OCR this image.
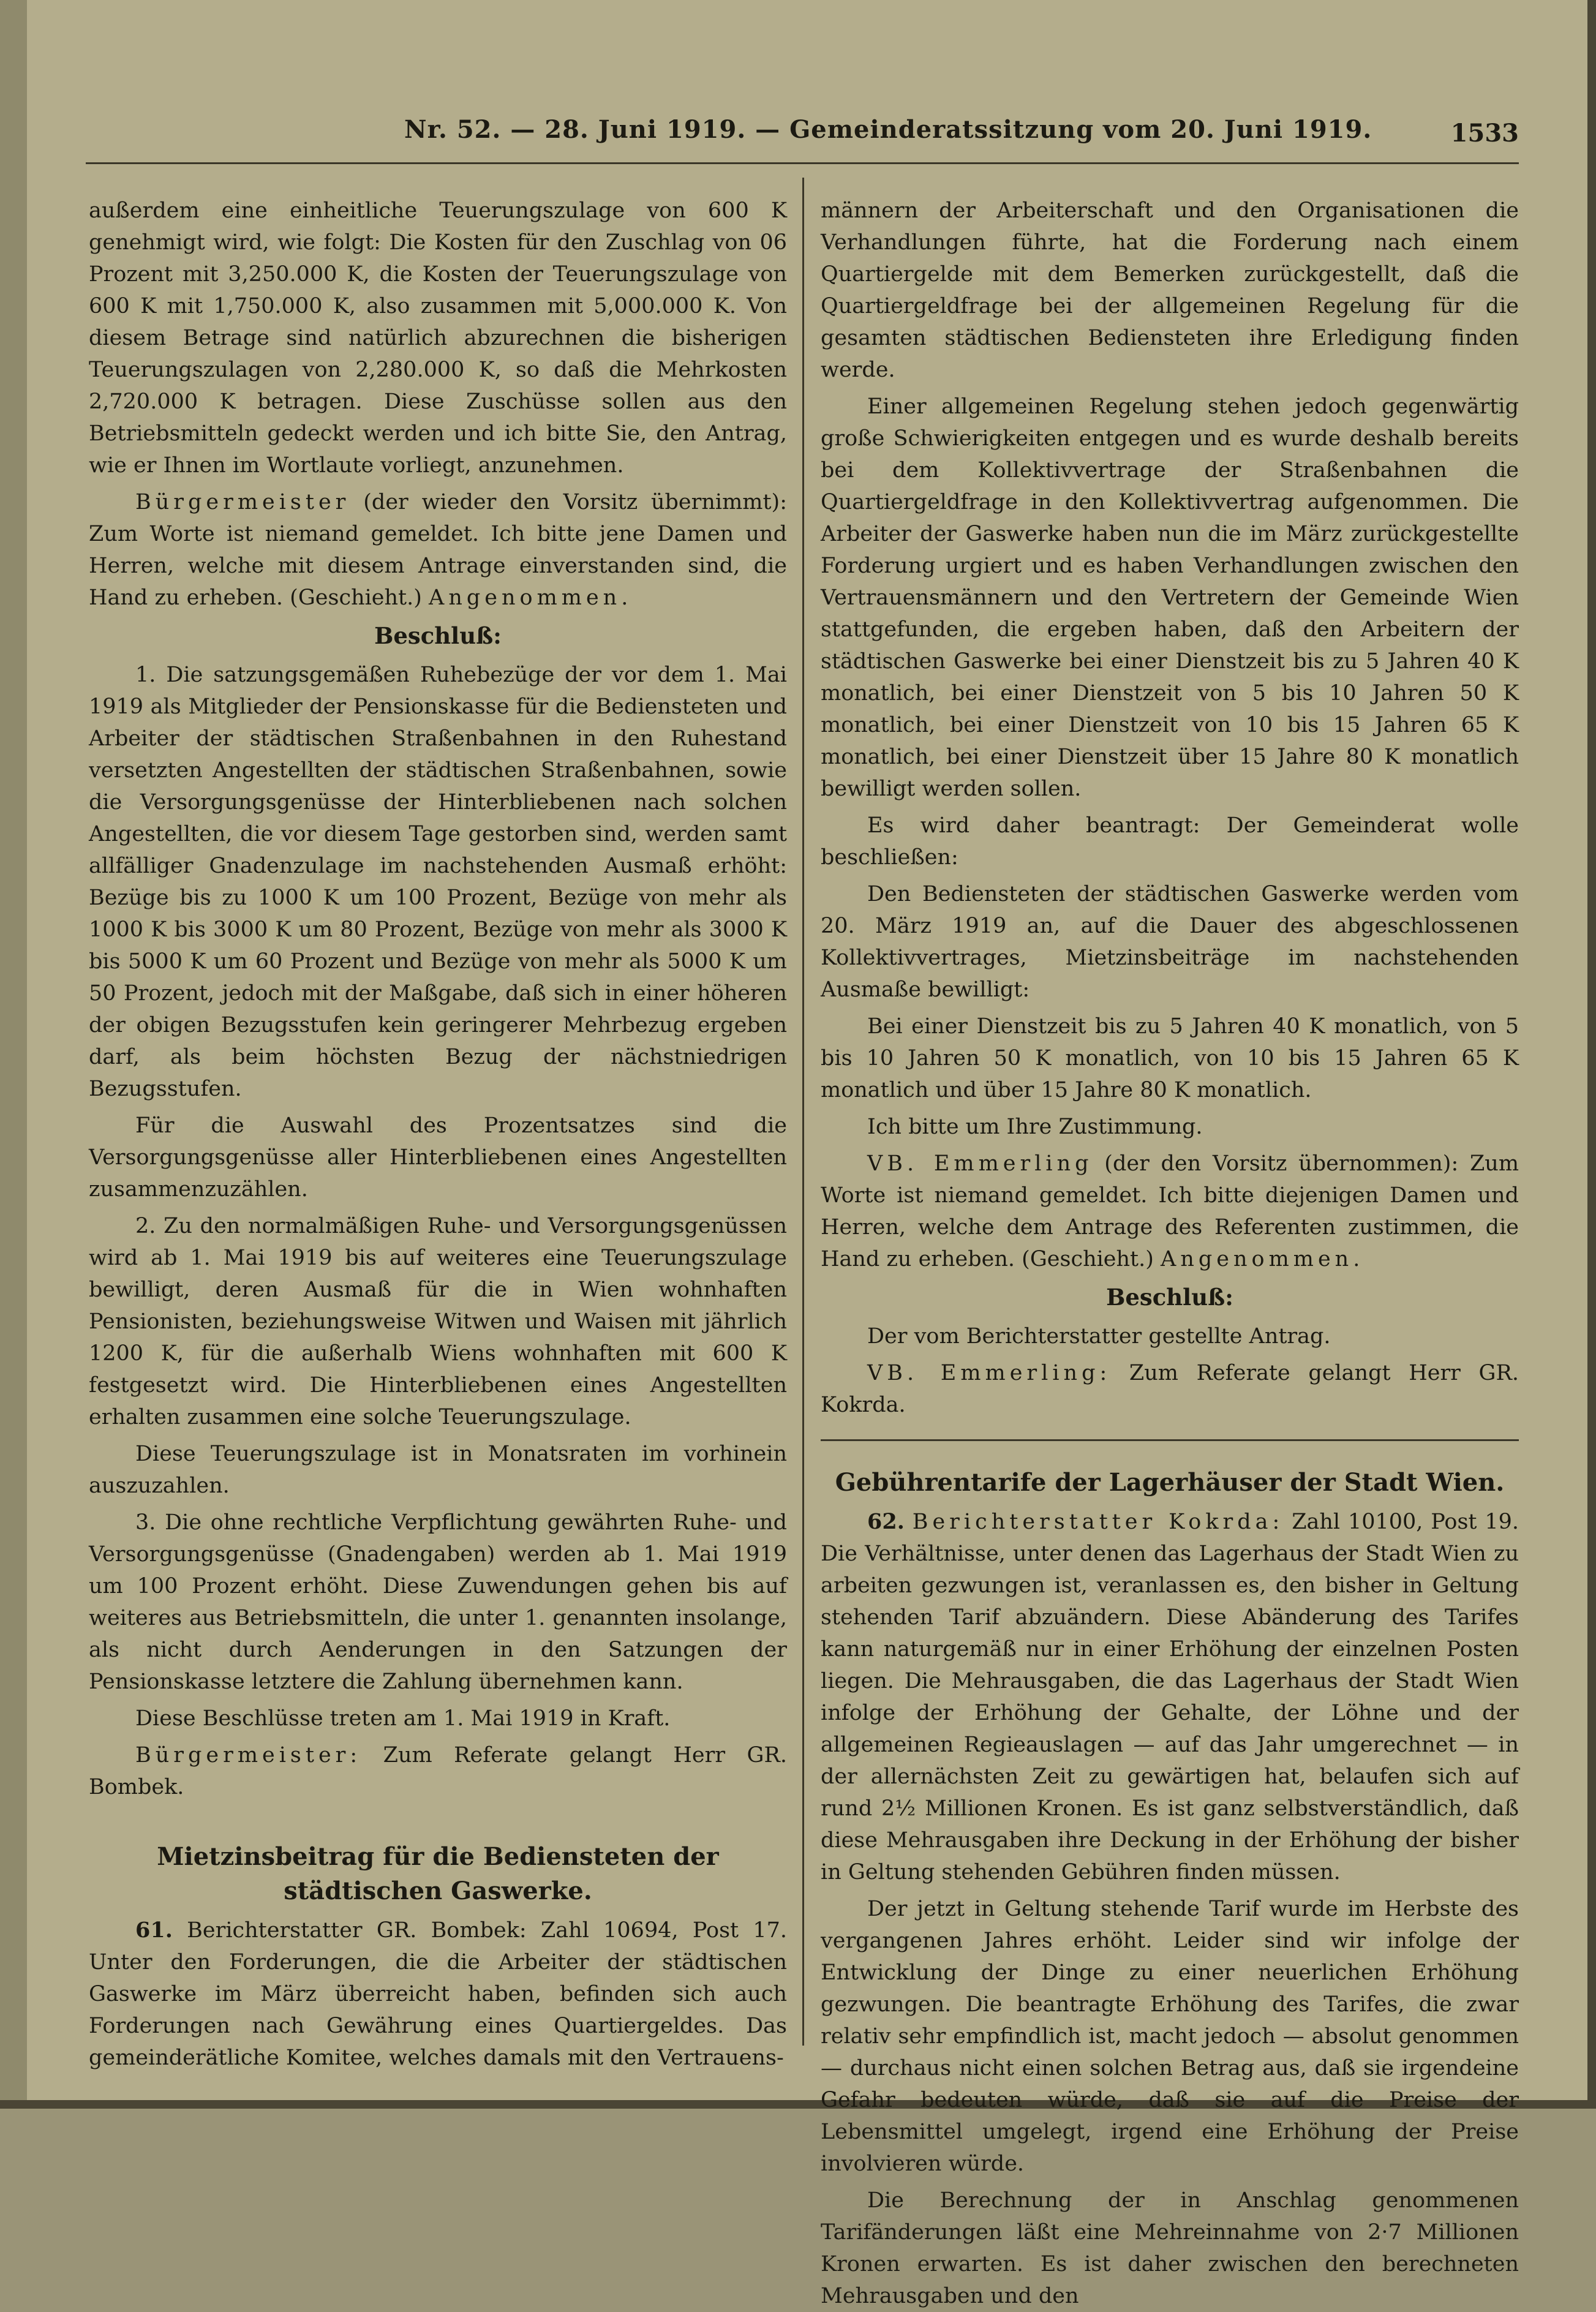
Nr. 52. — 28. Juni 1919. — Gemeinderatssitzung vom 20. Juni 1919.	1533

außerdem eine einheitliche Teuerungszulage von 600 K genehmigt wird, wie folgt: Die Kosten für den Zuschlag von 06 Prozent mit 3,250.000 K, die Kosten der Teuerungszulage von 600 K mit 1,750.000 K, also zusammen mit 5,000.000 K. Von diesem Betrage sind natürlich abzurechnen die bisherigen Teuerungszulagen von 2,280.000 K, so daß die Mehrkosten 2,720.000 K betragen. Diese Zuschüsse sollen aus den Betriebsmitteln gedeckt werden und ich bitte Sie, den Antrag, wie er Ihnen im Wortlaute vorliegt, anzunehmen.

Bürgermeister (der wieder den Vorsitz übernimmt): Zum Worte ist niemand gemeldet. Ich bitte jene Damen und Herren, welche mit diesem Antrage einverstanden sind, die Hand zu erheben. (Geschieht.) Angenommen.

Beschluß:

1. Die satzungsgemäßen Ruhebezüge der vor dem 1. Mai 1919 als Mitglieder der Pensionskasse für die Bediensteten und Arbeiter der städtischen Straßenbahnen in den Ruhestand versetzten Angestellten der städtischen Straßenbahnen, sowie die Versorgungsgenüsse der Hinterbliebenen nach solchen Angestellten, die vor diesem Tage gestorben sind, werden samt allfälliger Gnadenzulage im nachstehenden Ausmaß erhöht: Bezüge bis zu 1000 K um 100 Prozent, Bezüge von mehr als 1000 K bis 3000 K um 80 Prozent, Bezüge von mehr als 3000 K bis 5000 K um 60 Prozent und Bezüge von mehr als 5000 K um 50 Prozent, jedoch mit der Maßgabe, daß sich in einer höheren der obigen Bezugsstufen kein geringerer Mehrbezug ergeben darf, als beim höchsten Bezug der nächstniedrigen Bezugsstufen.

Für die Auswahl des Prozentsatzes sind die Versorgungsgenüsse aller Hinterbliebenen eines Angestellten zusammenzuzählen.

2. Zu den normalmäßigen Ruhe- und Versorgungsgenüssen wird ab 1. Mai 1919 bis auf weiteres eine Teuerungszulage bewilligt, deren Ausmaß für die in Wien wohnhaften Pensionisten, beziehungsweise Witwen und Waisen mit jährlich 1200 K, für die außerhalb Wiens wohnhaften mit 600 K festgesetzt wird. Die Hinterbliebenen eines Angestellten erhalten zusammen eine solche Teuerungszulage.

Diese Teuerungszulage ist in Monatsraten im vorhinein auszuzahlen.

3. Die ohne rechtliche Verpflichtung gewährten Ruhe- und Versorgungsgenüsse (Gnadengaben) werden ab 1. Mai 1919 um 100 Prozent erhöht. Diese Zuwendungen gehen bis auf weiteres aus Betriebsmitteln, die unter 1. genannten insolange, als nicht durch Aenderungen in den Satzungen der Pensionskasse letztere die Zahlung übernehmen kann.

Diese Beschlüsse treten am 1. Mai 1919 in Kraft.

Bürgermeister: Zum Referate gelangt Herr GR. Bombek.

Mietzinsbeitrag für die Bediensteten der städtischen Gaswerke.

61. Berichterstatter GR. Bombek: Zahl 10694, Post 17. Unter den Forderungen, die die Arbeiter der städtischen Gaswerke im März überreicht haben, befinden sich auch Forderungen nach Gewährung eines Quartiergeldes. Das gemeinderätliche Komitee, welches damals mit den Vertrauens-

männern der Arbeiterschaft und den Organisationen die Verhandlungen führte, hat die Forderung nach einem Quartiergelde mit dem Bemerken zurückgestellt, daß die Quartiergeldfrage bei der allgemeinen Regelung für die gesamten städtischen Bediensteten ihre Erledigung finden werde.

Einer allgemeinen Regelung stehen jedoch gegenwärtig große Schwierigkeiten entgegen und es wurde deshalb bereits bei dem Kollektivvertrage der Straßenbahnen die Quartiergeldfrage in den Kollektivvertrag aufgenommen. Die Arbeiter der Gaswerke haben nun die im März zurückgestellte Forderung urgiert und es haben Verhandlungen zwischen den Vertrauensmännern und den Vertretern der Gemeinde Wien stattgefunden, die ergeben haben, daß den Arbeitern der städtischen Gaswerke bei einer Dienstzeit bis zu 5 Jahren 40 K monatlich, bei einer Dienstzeit von 5 bis 10 Jahren 50 K monatlich, bei einer Dienstzeit von 10 bis 15 Jahren 65 K monatlich, bei einer Dienstzeit über 15 Jahre 80 K monatlich bewilligt werden sollen.

Es wird daher beantragt: Der Gemeinderat wolle beschließen:

Den Bediensteten der städtischen Gaswerke werden vom 20. März 1919 an, auf die Dauer des abgeschlossenen Kollektivvertrages, Mietzinsbeiträge im nachstehenden Ausmaße bewilligt:

Bei einer Dienstzeit bis zu 5 Jahren 40 K monatlich, von 5 bis 10 Jahren 50 K monatlich, von 10 bis 15 Jahren 65 K monatlich und über 15 Jahre 80 K monatlich.

Ich bitte um Ihre Zustimmung.

VB. Emmerling (der den Vorsitz übernommen): Zum Worte ist niemand gemeldet. Ich bitte diejenigen Damen und Herren, welche dem Antrage des Referenten zustimmen, die Hand zu erheben. (Geschieht.) Angenommen.

Beschluß:

Der vom Berichterstatter gestellte Antrag.

VB. Emmerling: Zum Referate gelangt Herr GR. Kokrda.

Gebührentarife der Lagerhäuser der Stadt Wien.

62. Berichterstatter Kokrda: Zahl 10100, Post 19. Die Verhältnisse, unter denen das Lagerhaus der Stadt Wien zu arbeiten gezwungen ist, veranlassen es, den bisher in Geltung stehenden Tarif abzuändern. Diese Abänderung des Tarifes kann naturgemäß nur in einer Erhöhung der einzelnen Posten liegen. Die Mehrausgaben, die das Lagerhaus der Stadt Wien infolge der Erhöhung der Gehalte, der Löhne und der allgemeinen Regieauslagen — auf das Jahr umgerechnet — in der allernächsten Zeit zu gewärtigen hat, belaufen sich auf rund 2½ Millionen Kronen. Es ist ganz selbstverständlich, daß diese Mehrausgaben ihre Deckung in der Erhöhung der bisher in Geltung stehenden Gebühren finden müssen.

Der jetzt in Geltung stehende Tarif wurde im Herbste des vergangenen Jahres erhöht. Leider sind wir infolge der Entwicklung der Dinge zu einer neuerlichen Erhöhung gezwungen. Die beantragte Erhöhung des Tarifes, die zwar relativ sehr empfindlich ist, macht jedoch — absolut genommen — durchaus nicht einen solchen Betrag aus, daß sie irgendeine Gefahr bedeuten würde, daß sie auf die Preise der Lebensmittel umgelegt, irgend eine Erhöhung der Preise involvieren würde.

Die Berechnung der in Anschlag genommenen Tarifänderungen läßt eine Mehreinnahme von 2·7 Millionen Kronen erwarten. Es ist daher zwischen den berechneten Mehrausgaben und den
